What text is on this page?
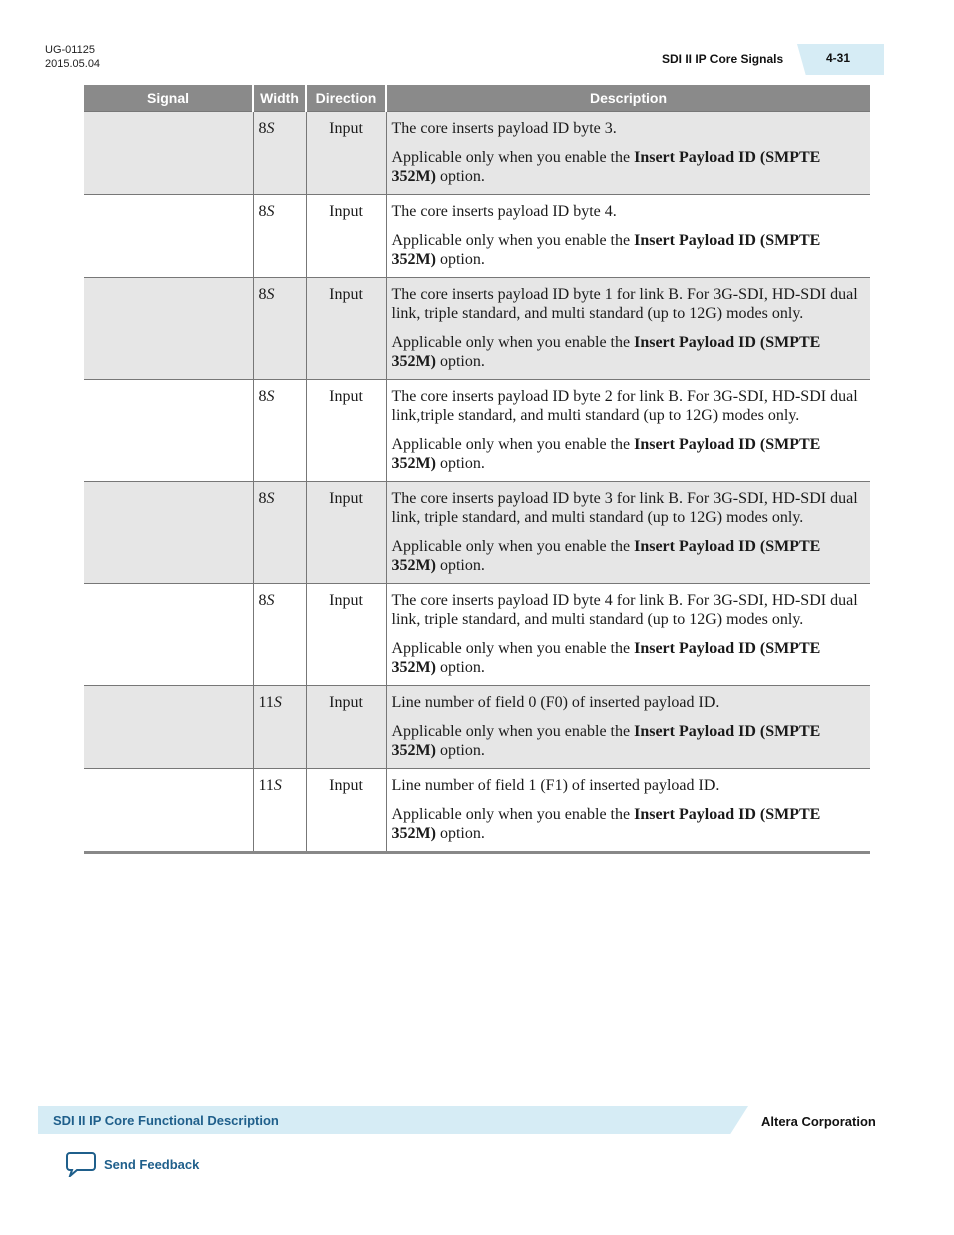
UG-01125
2015.05.04	SDI II IP Core Signals	4-31
Signal	Width	Direction	Description
	8S	Input	The core inserts payload ID byte 3.

Applicable only when you enable the Insert Payload ID (SMPTE 352M) option.

	8S	Input	The core inserts payload ID byte 4.

Applicable only when you enable the Insert Payload ID (SMPTE 352M) option.

	8S	Input	The core inserts payload ID byte 1 for link B. For 3G-SDI, HD-SDI dual link, triple standard, and multi standard (up to 12G) modes only.

Applicable only when you enable the Insert Payload ID (SMPTE 352M) option.

	8S	Input	The core inserts payload ID byte 2 for link B. For 3G-SDI, HD-SDI dual link,triple standard, and multi standard (up to 12G) modes only.

Applicable only when you enable the Insert Payload ID (SMPTE 352M) option.

	8S	Input	The core inserts payload ID byte 3 for link B. For 3G-SDI, HD-SDI dual link, triple standard, and multi standard (up to 12G) modes only.

Applicable only when you enable the Insert Payload ID (SMPTE 352M) option.

	8S	Input	The core inserts payload ID byte 4 for link B. For 3G-SDI, HD-SDI dual link, triple standard, and multi standard (up to 12G) modes only.

Applicable only when you enable the Insert Payload ID (SMPTE 352M) option.

	11S	Input	Line number of field 0 (F0) of inserted payload ID.

Applicable only when you enable the Insert Payload ID (SMPTE 352M) option.

	11S	Input	Line number of field 1 (F1) of inserted payload ID.

Applicable only when you enable the Insert Payload ID (SMPTE 352M) option.

SDI II IP Core Functional Description	Altera Corporation
Send Feedback
